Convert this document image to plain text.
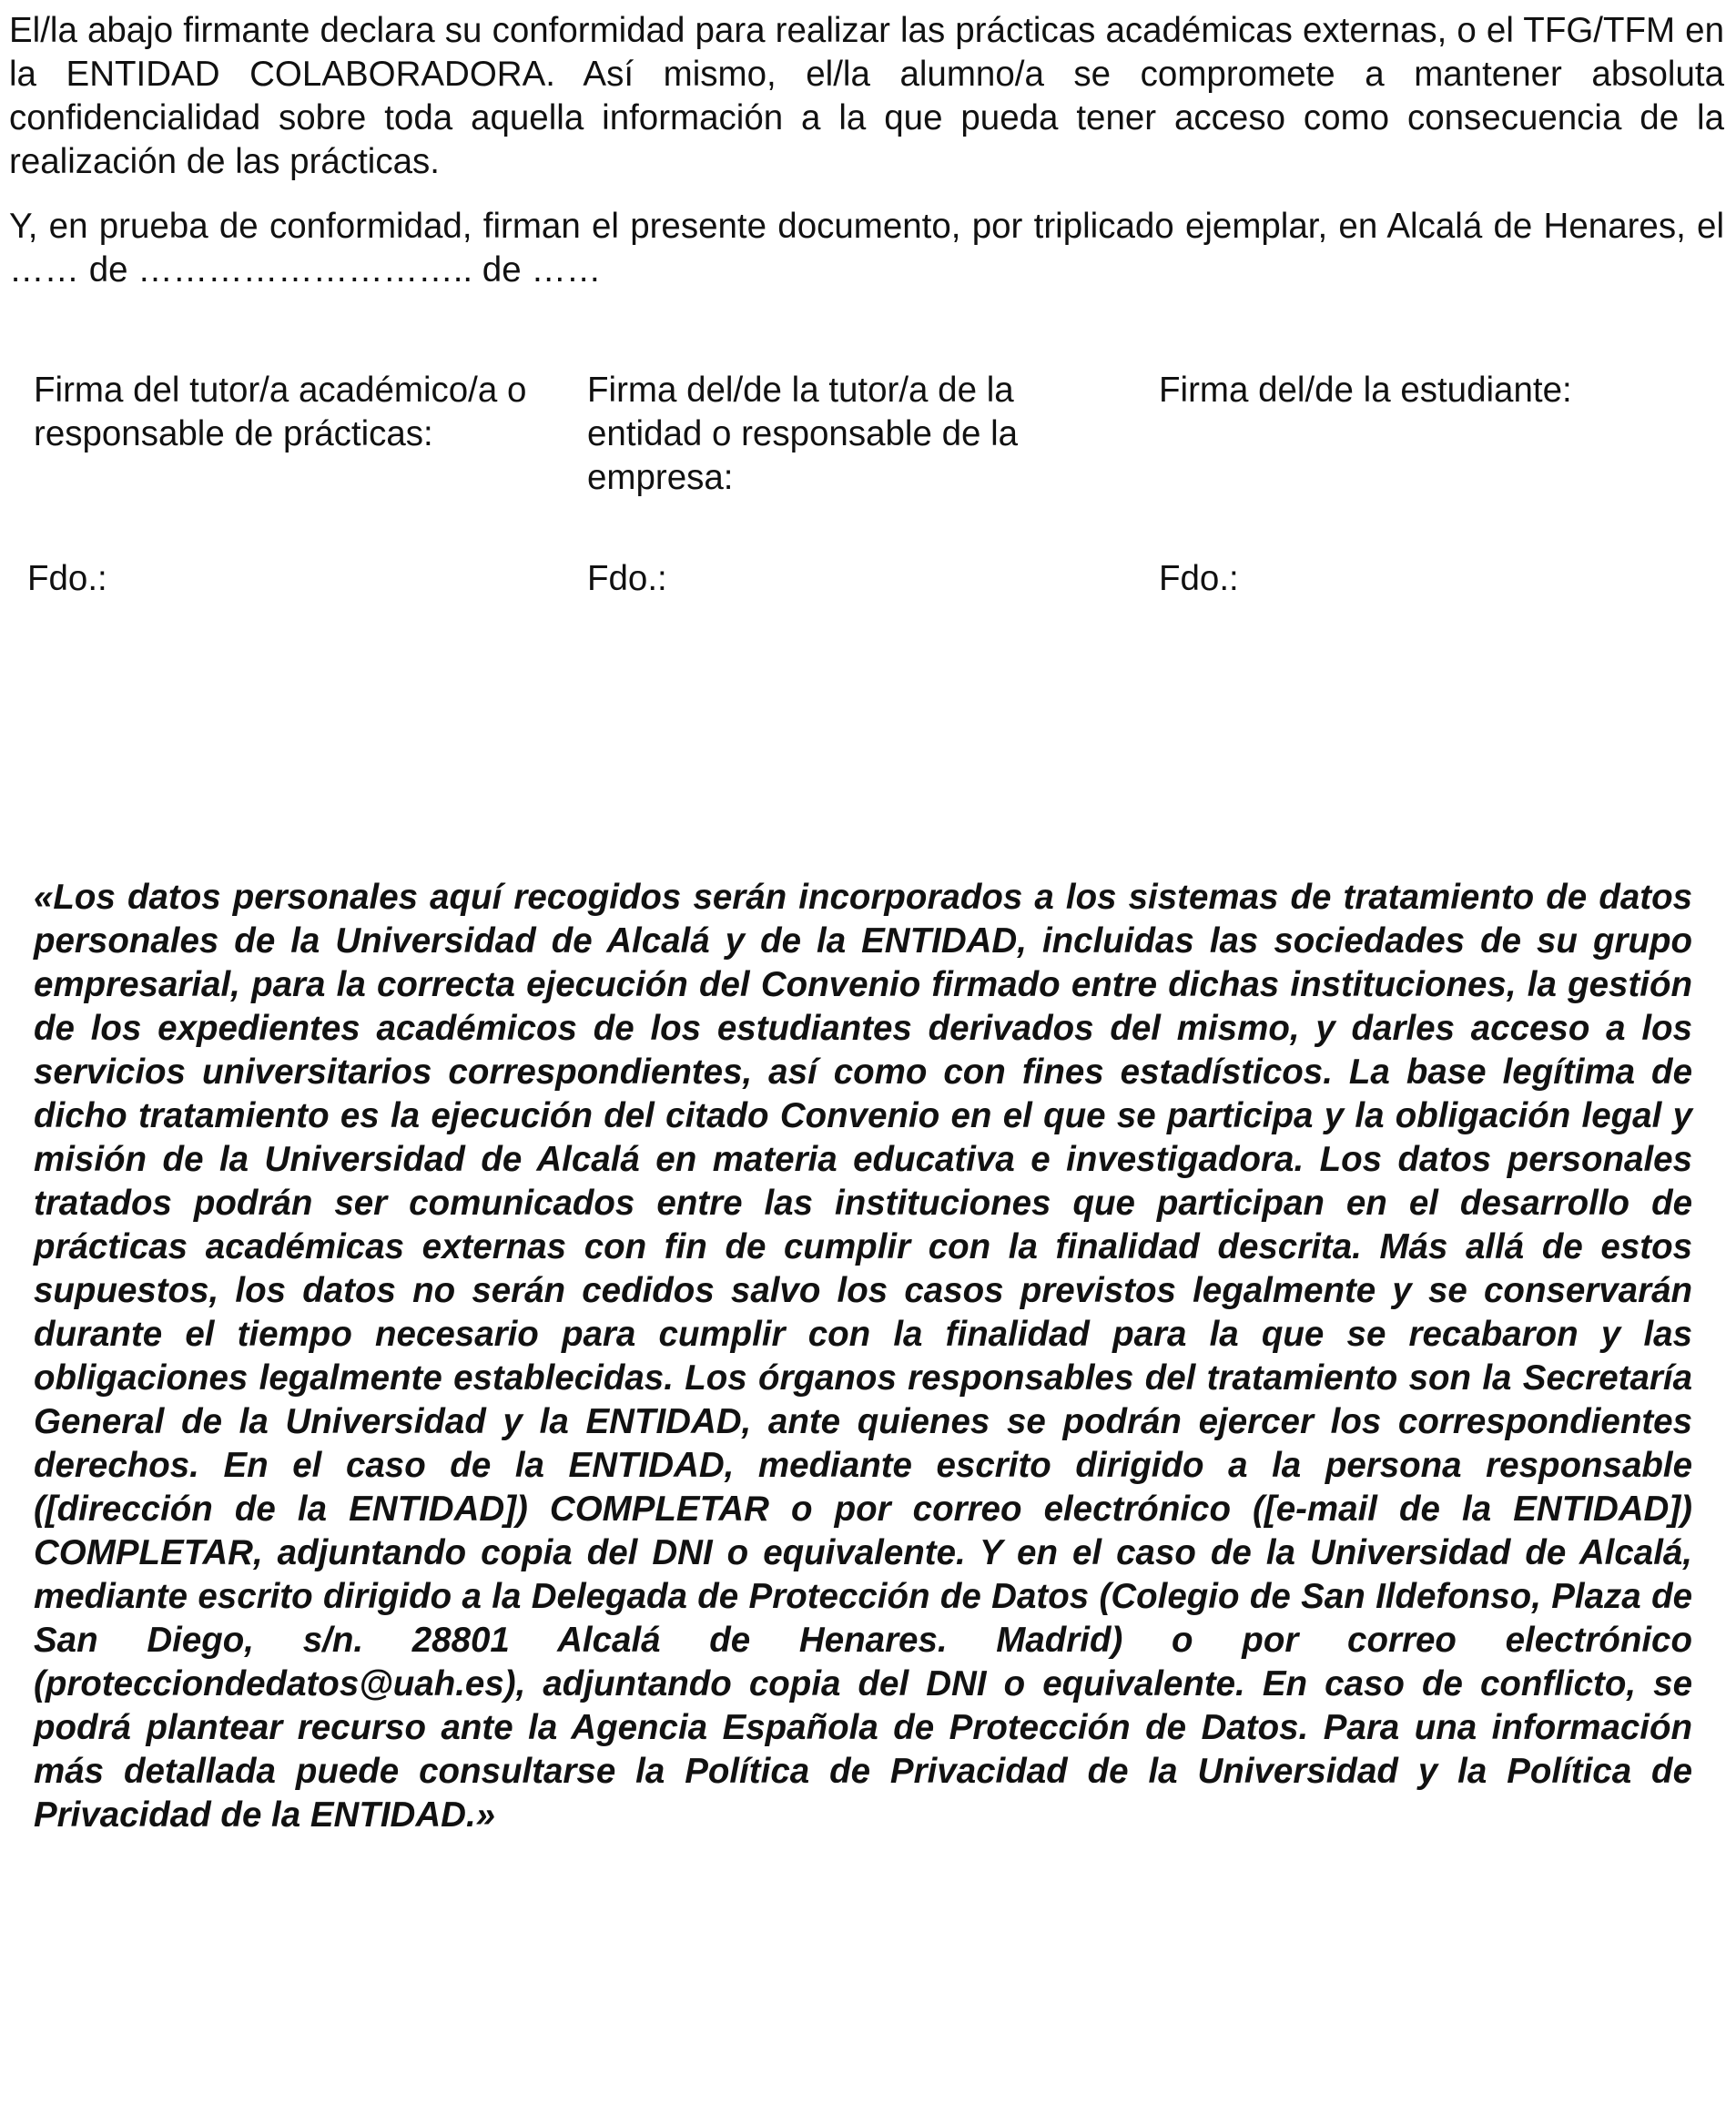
El/la abajo firmante declara su conformidad para realizar las prácticas académicas externas, o el TFG/TFM en la ENTIDAD COLABORADORA. Así mismo, el/la alumno/a se compromete a mantener absoluta confidencialidad sobre toda aquella información a la que pueda tener acceso como consecuencia de la realización de las prácticas.

Y, en prueba de conformidad, firman el presente documento, por triplicado ejemplar, en Alcalá de Henares, el …… de ……………………….. de ……

Firma del tutor/a académico/a o responsable de prácticas:

Firma del/de la tutor/a de la entidad o responsable de la empresa:

Firma del/de la estudiante:

Fdo.:	Fdo.:	Fdo.:

«Los datos personales aquí recogidos serán incorporados a los sistemas de tratamiento de datos personales de la Universidad de Alcalá y de la ENTIDAD, incluidas las sociedades de su grupo empresarial, para la correcta ejecución del Convenio firmado entre dichas instituciones, la gestión de los expedientes académicos de los estudiantes derivados del mismo, y darles acceso a los servicios universitarios correspondientes, así como con fines estadísticos. La base legítima de dicho tratamiento es la ejecución del citado Convenio en el que se participa y la obligación legal y misión de la Universidad de Alcalá en materia educativa e investigadora. Los datos personales tratados podrán ser comunicados entre las instituciones que participan en el desarrollo de prácticas académicas externas con fin de cumplir con la finalidad descrita. Más allá de estos supuestos, los datos no serán cedidos salvo los casos previstos legalmente y se conservarán durante el tiempo necesario para cumplir con la finalidad para la que se recabaron y las obligaciones legalmente establecidas. Los órganos responsables del tratamiento son la Secretaría General de la Universidad y la ENTIDAD, ante quienes se podrán ejercer los correspondientes derechos. En el caso de la ENTIDAD, mediante escrito dirigido a la persona responsable ([dirección de la ENTIDAD]) COMPLETAR o por correo electrónico ([e-mail de la ENTIDAD]) COMPLETAR, adjuntando copia del DNI o equivalente. Y en el caso de la Universidad de Alcalá, mediante escrito dirigido a la Delegada de Protección de Datos (Colegio de San Ildefonso, Plaza de San Diego, s/n. 28801 Alcalá de Henares. Madrid) o por correo electrónico (protecciondedatos@uah.es), adjuntando copia del DNI o equivalente. En caso de conflicto, se podrá plantear recurso ante la Agencia Española de Protección de Datos. Para una información más detallada puede consultarse la Política de Privacidad de la Universidad y la Política de Privacidad de la ENTIDAD.»
